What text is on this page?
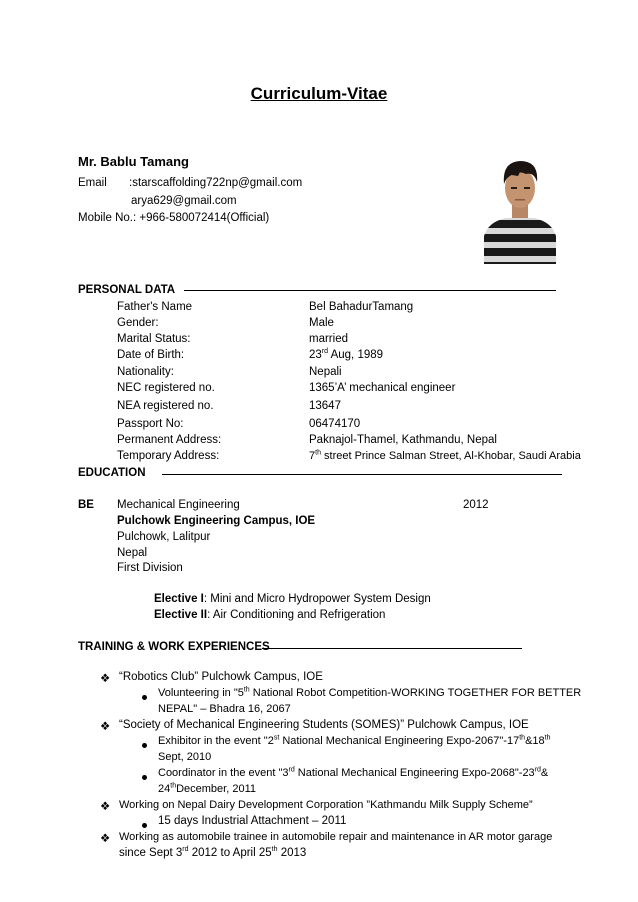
Curriculum-Vitae
Mr. Bablu Tamang
Email :starscaffolding722np@gmail.com
arya629@gmail.com
Mobile No.: +966-580072414(Official)
PERSONAL DATA
Father's Name	Bel BahadurTamang
Gender:	Male
Marital Status:	married
Date of Birth:	23rd Aug, 1989
Nationality:	Nepali
NEC registered no.	1365’A’ mechanical engineer
NEA registered no.	13647
Passport No:	06474170
Permanent Address:	Paknajol-Thamel, Kathmandu, Nepal
Temporary Address:	7th street Prince Salman Street, Al-Khobar, Saudi Arabia
EDUCATION
BE Mechanical Engineering	2012
Pulchowk Engineering Campus, IOE
Pulchowk, Lalitpur
Nepal
First Division
Elective I: Mini and Micro Hydropower System Design
Elective II: Air Conditioning and Refrigeration
TRAINING & WORK EXPERIENCES
❖ “Robotics Club” Pulchowk Campus, IOE
Volunteering in "5th National Robot Competition-WORKING TOGETHER FOR BETTER
NEPAL" – Bhadra 16, 2067
❖ “Society of Mechanical Engineering Students (SOMES)” Pulchowk Campus, IOE
Exhibitor in the event "2st National Mechanical Engineering Expo-2067"-17th&18th
Sept, 2010
Coordinator in the event "3rd National Mechanical Engineering Expo-2068"-23rd&
24thDecember, 2011
❖ Working on Nepal Dairy Development Corporation ”Kathmandu Milk Supply Scheme”
15 days Industrial Attachment – 2011
❖ Working as automobile trainee in automobile repair and maintenance in AR motor garage
since Sept 3rd 2012 to April 25th 2013
